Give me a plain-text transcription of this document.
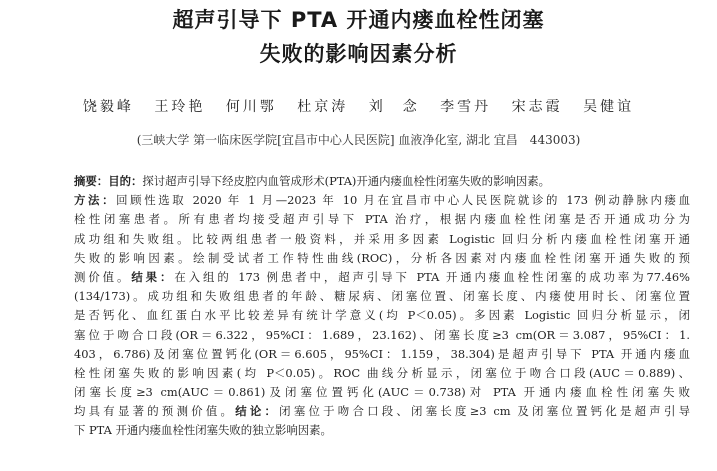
超声引导下 PTA 开通内瘘血栓性闭塞
失败的影响因素分析
饶毅峰 王玲艳 何川鄂 杜京涛 刘　念 李雪丹 宋志霞 吴健谊
(三峡大学 第一临床医学院[宜昌市中心人民医院] 血液净化室, 湖北 宜昌　443003)
摘要：目的：探讨超声引导下经皮腔内血管成形术(PTA)开通内瘘血栓性闭塞失败的影响因素。
方法：回顾性选取 2020 年 1 月—2023 年 10 月在宜昌市中心人民医院就诊的 173 例动静脉内瘘血
栓性闭塞患者。所有患者均接受超声引导下 PTA 治疗，根据内瘘血栓性闭塞是否开通成功分为
成功组和失败组。比较两组患者一般资料，并采用多因素 Logistic 回归分析内瘘血栓性闭塞开通
失败的影响因素。绘制受试者工作特性曲线(ROC)，分析各因素对内瘘血栓性闭塞开通失败的预
测价值。结果：在入组的 173 例患者中，超声引导下 PTA 开通内瘘血栓性闭塞的成功率为77.46%
(134/173)。成功组和失败组患者的年龄、糖尿病、闭塞位置、闭塞长度、内瘘使用时长、闭塞位置
是否钙化、血红蛋白水平比较差异有统计学意义(均 P＜0.05)。多因素 Logistic 回归分析显示，闭
塞位于吻合口段(OR＝6.322，95%CI：1.689，23.162)、闭塞长度≥3 cm(OR＝3.087，95%CI：1.
403，6.786)及闭塞位置钙化(OR＝6.605，95%CI：1.159，38.304)是超声引导下 PTA 开通内瘘血
栓性闭塞失败的影响因素(均 P＜0.05)。ROC 曲线分析显示，闭塞位于吻合口段(AUC＝0.889)、
闭塞长度≥3 cm(AUC＝0.861)及闭塞位置钙化(AUC＝0.738)对 PTA 开通内瘘血栓性闭塞失败
均具有显著的预测价值。结论：闭塞位于吻合口段、闭塞长度≥3 cm 及闭塞位置钙化是超声引导
下 PTA 开通内瘘血栓性闭塞失败的独立影响因素。
